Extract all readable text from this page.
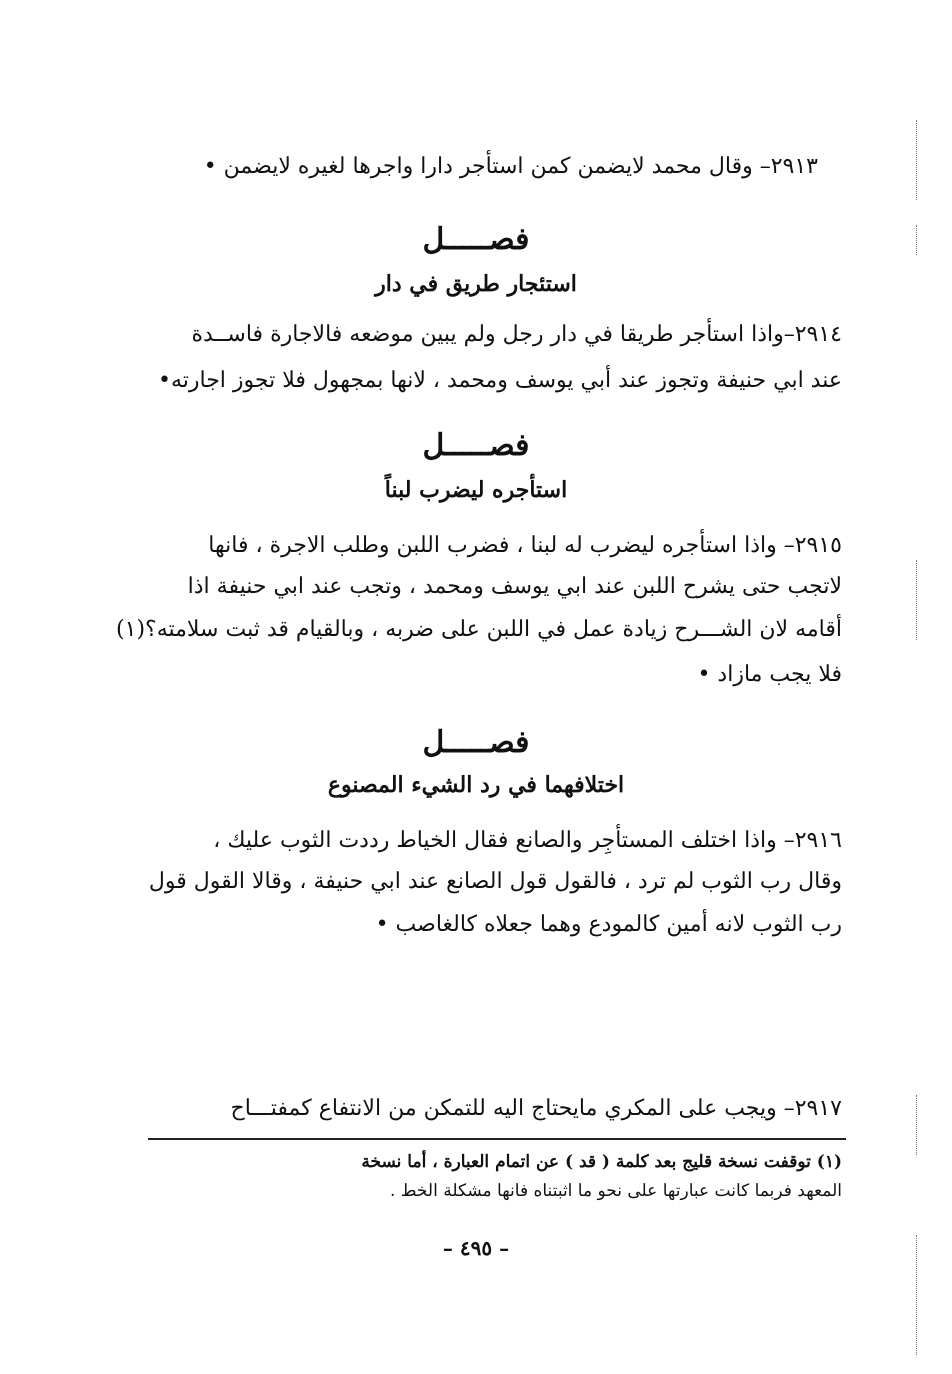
٢٩١٣– وقال محمد لايضمن كمن استأجر دارا واجرها لغيره لايضمن •
فصـــــل
استئجار طريق في دار
٢٩١٤–واذا استأجر طريقا في دار رجل ولم يبين موضعه فالاجارة فاســدة
عند ابي حنيفة وتجوز عند أبي يوسف ومحمد ، لانها بمجهول فلا تجوز اجارته•
فصـــــل
استأجره ليضرب لبناً
٢٩١٥– واذا استأجره ليضرب له لبنا ، فضرب اللبن وطلب الاجرة ، فانها
لاتجب حتى يشرح اللبن عند ابي يوسف ومحمد ، وتجب عند ابي حنيفة اذا
أقامه لان الشـــرح زيادة عمل في اللبن على ضربه ، وبالقيام قد ثبت سلامته؟(١)
فلا يجب مازاد •
فصـــــل
اختلافهما في رد الشيء المصنوع
٢٩١٦– واذا اختلف المستأجِر والصانع فقال الخياط رددت الثوب عليك ،
وقال رب الثوب لم ترد ، فالقول قول الصانع عند ابي حنيفة ، وقالا القول قول
رب الثوب لانه أمين كالمودع وهما جعلاه كالغاصب •
٢٩١٧– ويجب على المكري مايحتاج اليه للتمكن من الانتفاع كمفتـــاح
(١) توقفت نسخة قليج بعد كلمة ( قد ) عن اتمام العبارة ، أما نسخة
المعهد فربما كانت عبارتها على نحو ما اثبتناه فانها مشكلة الخط .
– ٤٩٥ –
